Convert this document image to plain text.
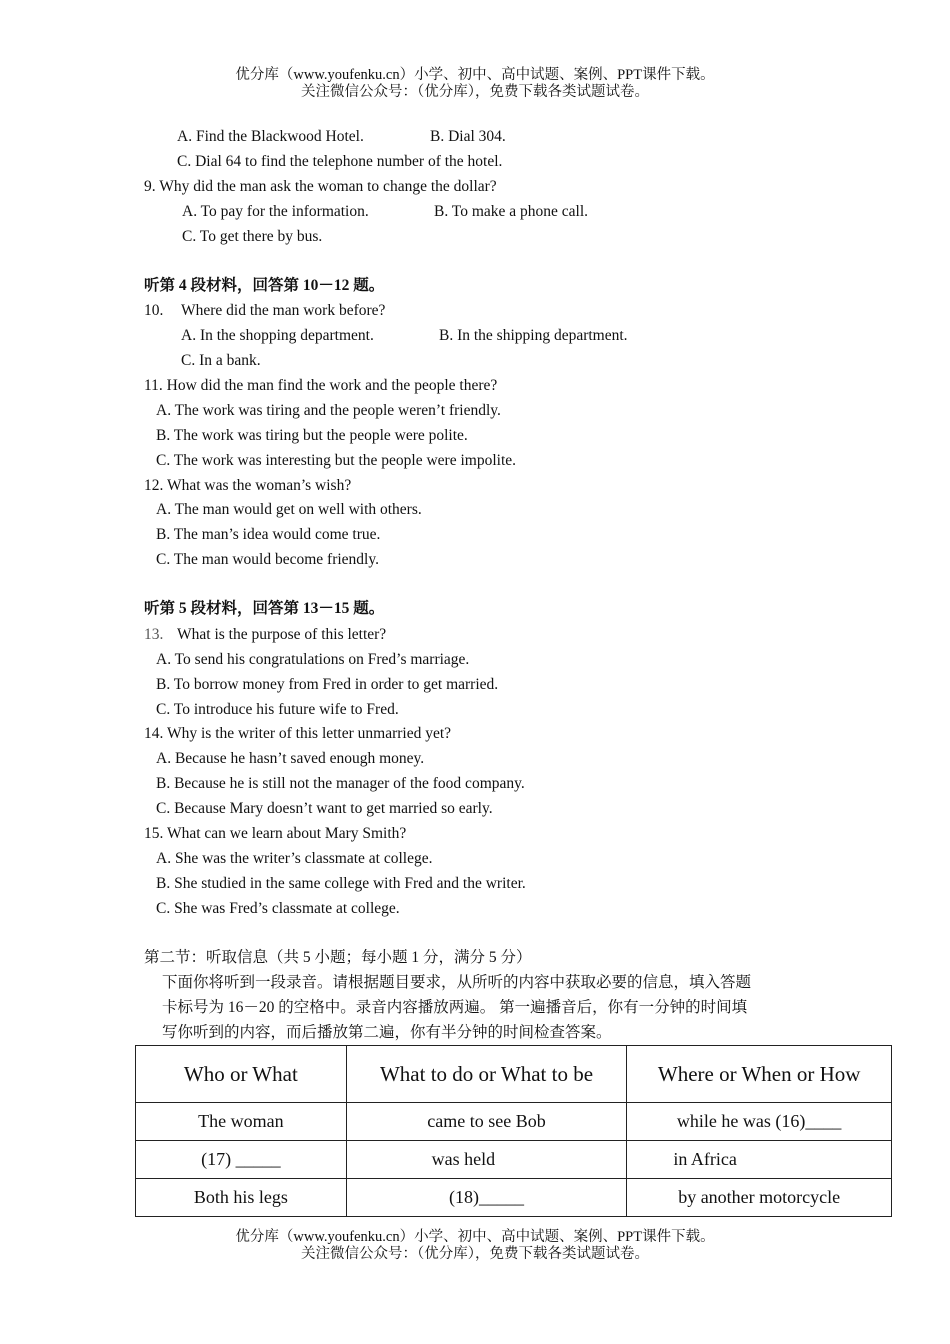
优分库（www.youfenku.cn）小学、初中、高中试题、案例、PPT课件下载。
关注微信公众号：（优分库），免费下载各类试题试卷。
A. Find the Blackwood Hotel.	B. Dial 304.
C. Dial 64 to find the telephone number of the hotel.
9. Why did the man ask the woman to change the dollar?
A. To pay for the information.	B. To make a phone call.
C. To get there by bus.
听第 4 段材料，回答第 10－12 题。
10. Where did the man work before?
A. In the shopping department.	B. In the shipping department.
C. In a bank.
11. How did the man find the work and the people there?
A. The work was tiring and the people weren’t friendly.
B. The work was tiring but the people were polite.
C. The work was interesting but the people were impolite.
12. What was the woman’s wish?
A. The man would get on well with others.
B. The man’s idea would come true.
C. The man would become friendly.
听第 5 段材料，回答第 13－15 题。
13. What is the purpose of this letter?
A. To send his congratulations on Fred’s marriage.
B. To borrow money from Fred in order to get married.
C. To introduce his future wife to Fred.
14. Why is the writer of this letter unmarried yet?
A. Because he hasn’t saved enough money.
B. Because he is still not the manager of the food company.
C. Because Mary doesn’t want to get married so early.
15. What can we learn about Mary Smith?
A. She was the writer’s classmate at college.
B. She studied in the same college with Fred and the writer.
C. She was Fred’s classmate at college.
第二节：听取信息（共 5 小题；每小题 1 分，满分 5 分）
下面你将听到一段录音。请根据题目要求，从所听的内容中获取必要的信息，填入答题
卡标号为 16－20 的空格中。录音内容播放两遍。 第一遍播音后，你有一分钟的时间填
写你听到的内容，而后播放第二遍，你有半分钟的时间检查答案。
Who or What	What to do or What to be	Where or When or How
The woman	came to see Bob	while he was (16)____
(17) _____	was held	in Africa
Both his legs	(18)_____	by another motorcycle
优分库（www.youfenku.cn）小学、初中、高中试题、案例、PPT课件下载。
关注微信公众号：（优分库），免费下载各类试题试卷。
